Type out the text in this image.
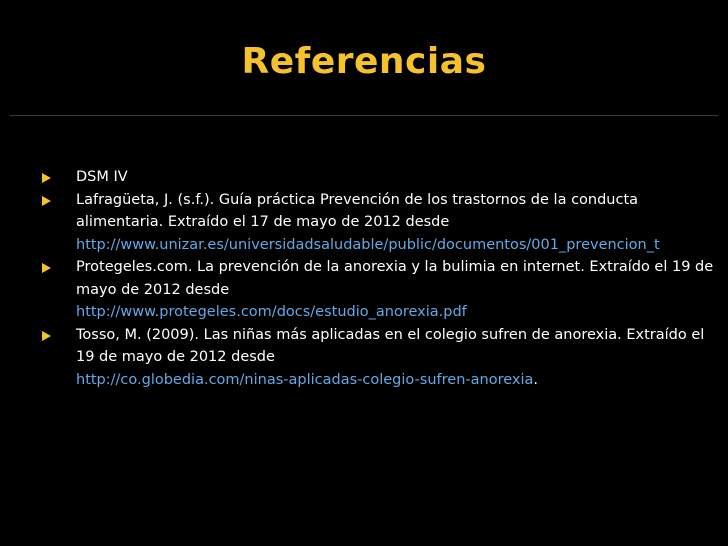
Referencias
DSM IV
Lafragüeta, J. (s.f.). Guía práctica Prevención de los trastornos de la conducta alimentaria. Extraído el 17 de mayo de 2012 desde
http://www.unizar.es/universidadsaludable/public/documentos/001_prevencion_t
Protegeles.com. La prevención de la anorexia y la bulimia en internet. Extraído el 19 de mayo de 2012 desde
http://www.protegeles.com/docs/estudio_anorexia.pdf
Tosso, M. (2009). Las niñas más aplicadas en el colegio sufren de anorexia. Extraído el 19 de mayo de 2012 desde
http://co.globedia.com/ninas-aplicadas-colegio-sufren-anorexia.
